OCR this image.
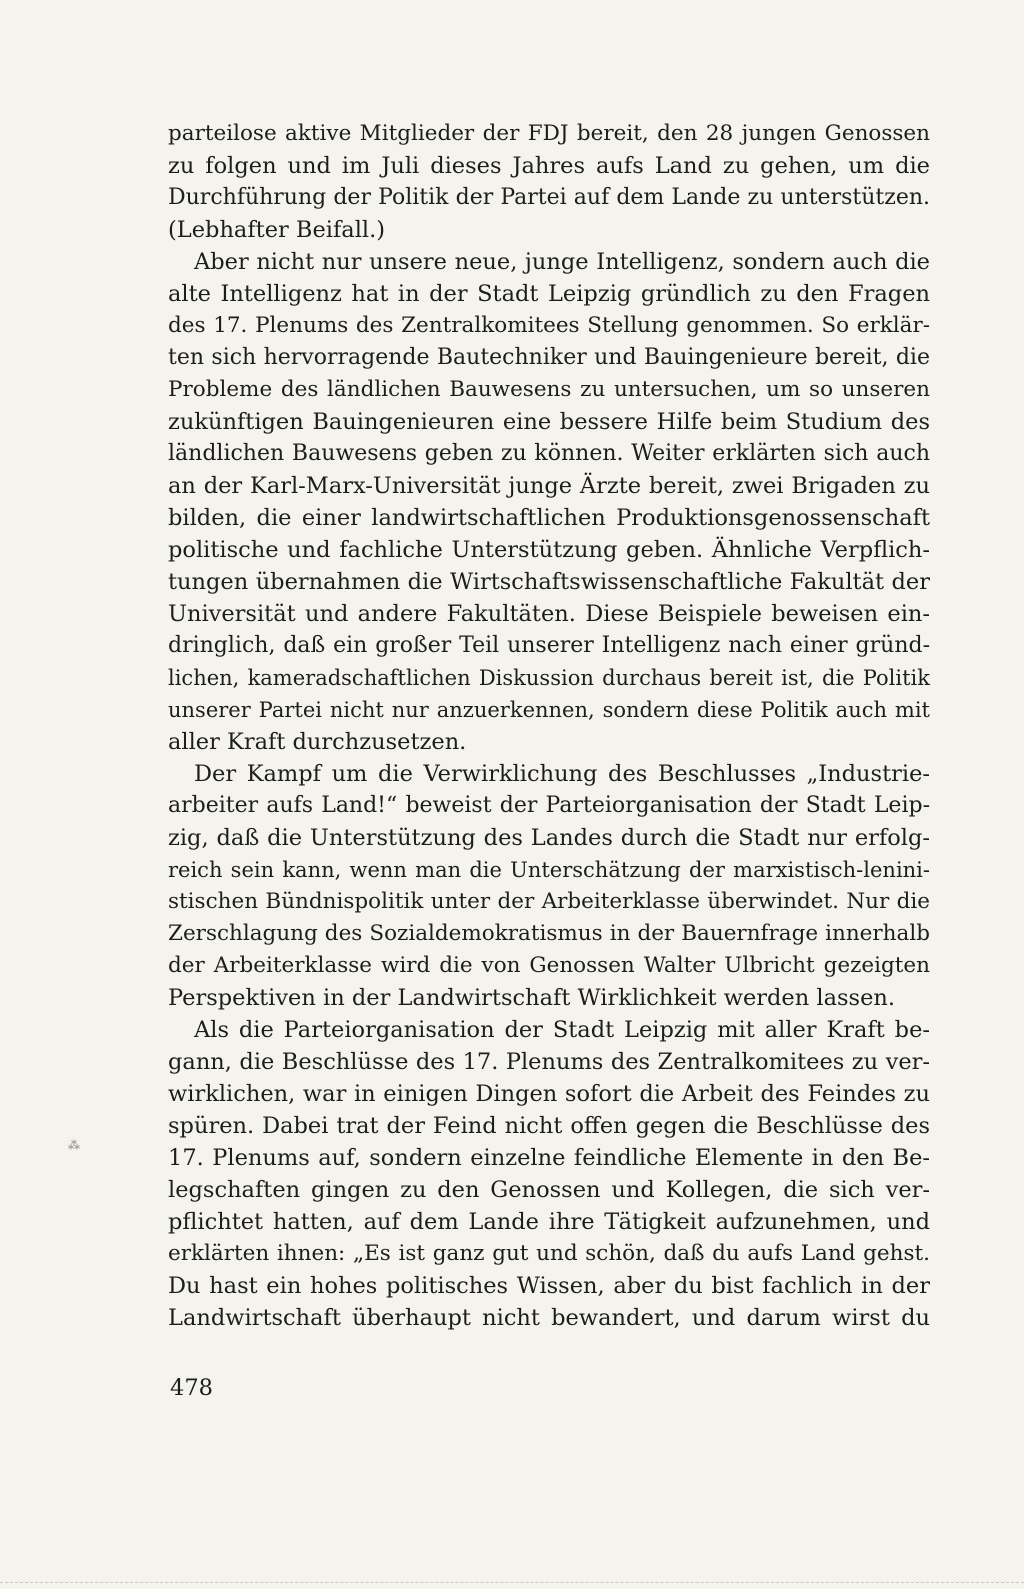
parteilose aktive Mitglieder der FDJ bereit, den 28 jungen Genossen
zu folgen und im Juli dieses Jahres aufs Land zu gehen, um die
Durchführung der Politik der Partei auf dem Lande zu unterstützen.
(Lebhafter Beifall.)
Aber nicht nur unsere neue, junge Intelligenz, sondern auch die
alte Intelligenz hat in der Stadt Leipzig gründlich zu den Fragen
des 17. Plenums des Zentralkomitees Stellung genommen. So erklär-
ten sich hervorragende Bautechniker und Bauingenieure bereit, die
Probleme des ländlichen Bauwesens zu untersuchen, um so unseren
zukünftigen Bauingenieuren eine bessere Hilfe beim Studium des
ländlichen Bauwesens geben zu können. Weiter erklärten sich auch
an der Karl-Marx-Universität junge Ärzte bereit, zwei Brigaden zu
bilden, die einer landwirtschaftlichen Produktionsgenossenschaft
politische und fachliche Unterstützung geben. Ähnliche Verpflich-
tungen übernahmen die Wirtschaftswissenschaftliche Fakultät der
Universität und andere Fakultäten. Diese Beispiele beweisen ein-
dringlich, daß ein großer Teil unserer Intelligenz nach einer gründ-
lichen, kameradschaftlichen Diskussion durchaus bereit ist, die Politik
unserer Partei nicht nur anzuerkennen, sondern diese Politik auch mit
aller Kraft durchzusetzen.
Der Kampf um die Verwirklichung des Beschlusses „Industrie-
arbeiter aufs Land!“ beweist der Parteiorganisation der Stadt Leip-
zig, daß die Unterstützung des Landes durch die Stadt nur erfolg-
reich sein kann, wenn man die Unterschätzung der marxistisch-lenini-
stischen Bündnispolitik unter der Arbeiterklasse überwindet. Nur die
Zerschlagung des Sozialdemokratismus in der Bauernfrage innerhalb
der Arbeiterklasse wird die von Genossen Walter Ulbricht gezeigten
Perspektiven in der Landwirtschaft Wirklichkeit werden lassen.
Als die Parteiorganisation der Stadt Leipzig mit aller Kraft be-
gann, die Beschlüsse des 17. Plenums des Zentralkomitees zu ver-
wirklichen, war in einigen Dingen sofort die Arbeit des Feindes zu
spüren. Dabei trat der Feind nicht offen gegen die Beschlüsse des
17. Plenums auf, sondern einzelne feindliche Elemente in den Be-
legschaften gingen zu den Genossen und Kollegen, die sich ver-
pflichtet hatten, auf dem Lande ihre Tätigkeit aufzunehmen, und
erklärten ihnen: „Es ist ganz gut und schön, daß du aufs Land gehst.
Du hast ein hohes politisches Wissen, aber du bist fachlich in der
Landwirtschaft überhaupt nicht bewandert, und darum wirst du
478
⁂
